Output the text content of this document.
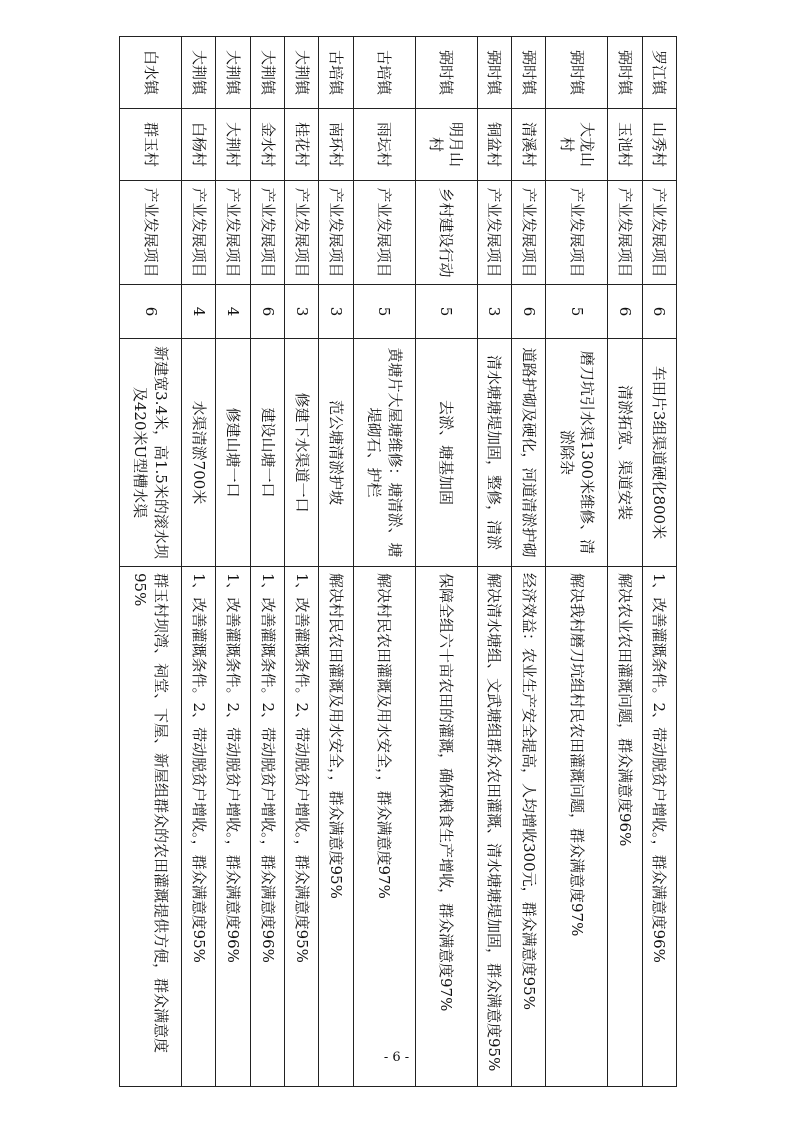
罗江镇	山秀村	产业发展项目	6	车田片3组渠道硬化800米	1、改善灌溉条件。2、带动脱贫户增收。，群众满意度96%
弼时镇	玉池村	产业发展项目	6	清淤拓宽、渠道安装	解决农业农田灌溉问题，群众满意度96%
弼时镇	大龙山村	产业发展项目	5	磨刀坑引水渠1300米维修、清淤除杂	解决我村磨刀坑组村民农田灌溉问题，群众满意度97%
弼时镇	清溪村	产业发展项目	6	道路护砌及硬化，河道清淤护砌	经济效益：农业生产安全提高，人均增收300元，群众满意度95%
弼时镇	铜盆村	产业发展项目	3	清水塘塘堤加固，整修，清淤	解决清水塘组、文武塘组群众农田灌溉、清水塘塘堤加固，群众满意度95%
弼时镇	明月山村	乡村建设行动	5	去淤、塘基加固	保障全组六十亩农田的灌溉，确保粮食生产增收，群众满意度97%
古培镇	雨坛村	产业发展项目	5	黄塘片大屋塘维修：塘清淤、塘堤砌石、护栏	解决村民农田灌溉及用水安全，，群众满意度97%
古培镇	南环村	产业发展项目	3	范公塘清淤护坡	解决村民农田灌溉及用水安全，，群众满意度95%
大荆镇	桂花村	产业发展项目	3	修建下水渠道一口	1、改善灌溉条件。2、带动脱贫户增收。，群众满意度95%
大荆镇	金水村	产业发展项目	6	建设山塘一口	1、改善灌溉条件。2、带动脱贫户增收。，群众满意度96%
大荆镇	大荆村	产业发展项目	4	修建山塘一口	1、改善灌溉条件。2、带动脱贫户增收。，群众满意度96%
大荆镇	白杨村	产业发展项目	4	水渠清淤700米	1、改善灌溉条件。2、带动脱贫户增收。，群众满意度95%
白水镇	群玉村	产业发展项目	6	新建宽3.4米，高1.5米的滚水坝及420米U型槽水渠	群玉村坝湾、祠堂、下屋、新屋组群众的农田灌溉提供方便，群众满意度95%
- 6 -
